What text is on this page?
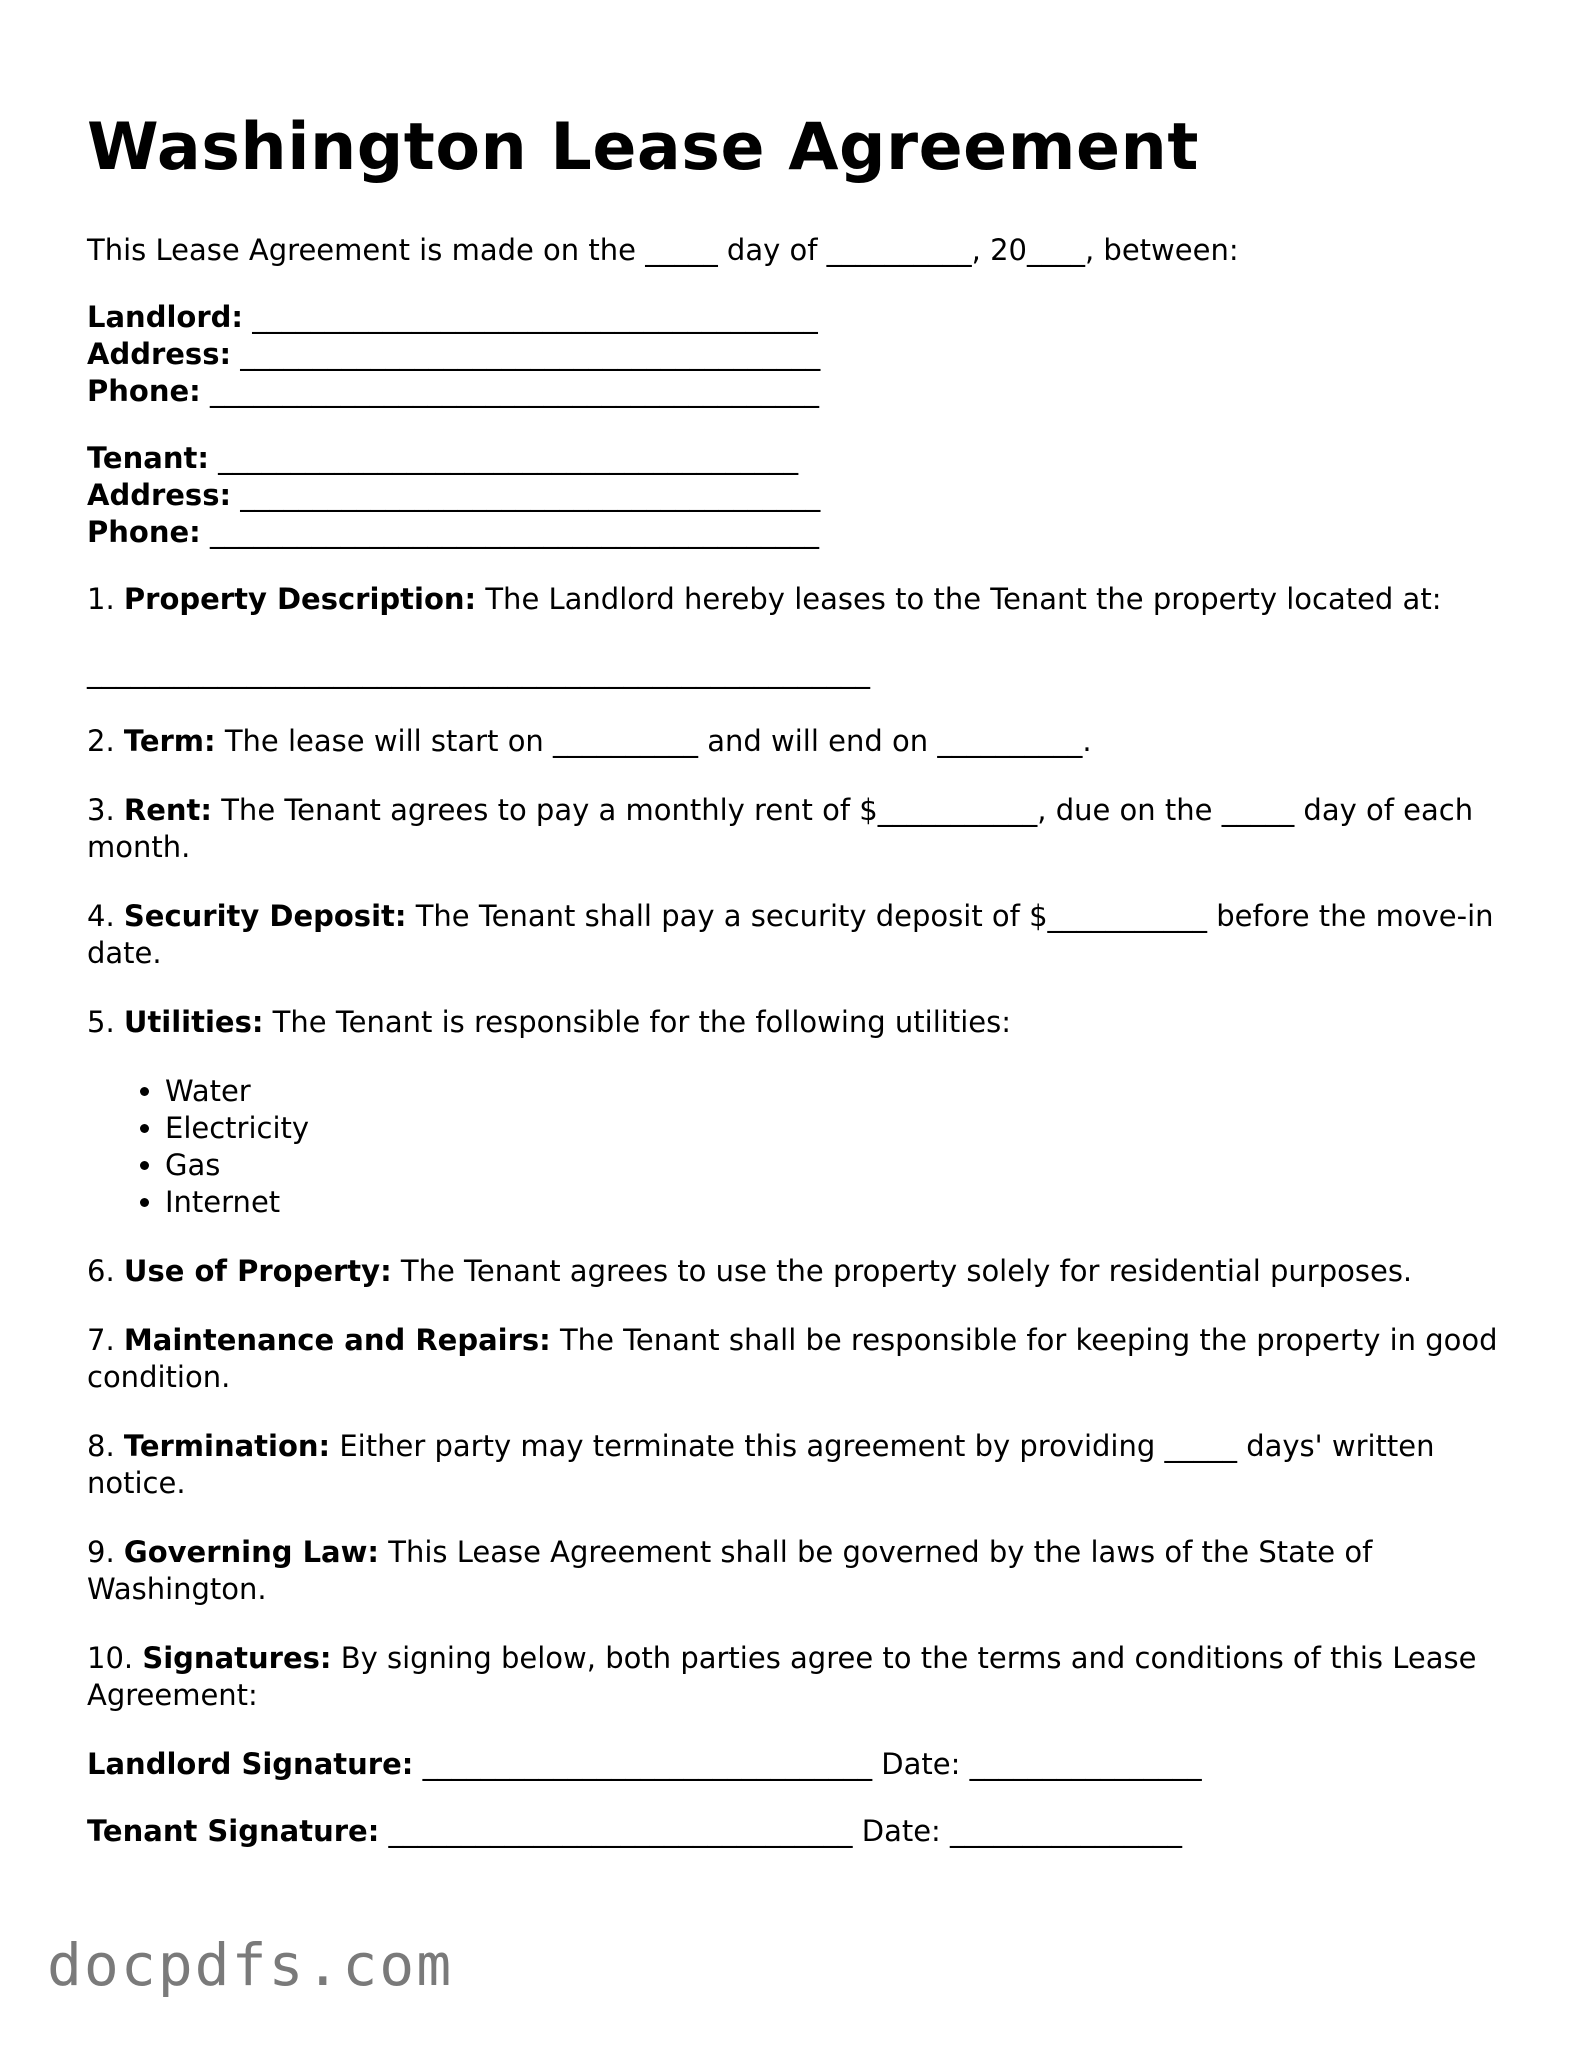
Washington Lease Agreement

This Lease Agreement is made on the _____ day of __________, 20____, between:

Landlord: _______________________________________

Address: ________________________________________

Phone: __________________________________________

Tenant: ________________________________________

Address: ________________________________________

Phone: __________________________________________

1. Property Description: The Landlord hereby leases to the Tenant the property located at:

______________________________________________________

2. Term: The lease will start on __________ and will end on __________.

3. Rent: The Tenant agrees to pay a monthly rent of $___________, due on the _____ day of each month.

4. Security Deposit: The Tenant shall pay a security deposit of $___________ before the move-in date.

5. Utilities: The Tenant is responsible for the following utilities:

• Water
• Electricity
• Gas
• Internet

6. Use of Property: The Tenant agrees to use the property solely for residential purposes.

7. Maintenance and Repairs: The Tenant shall be responsible for keeping the property in good condition.

8. Termination: Either party may terminate this agreement by providing _____ days' written notice.

9. Governing Law: This Lease Agreement shall be governed by the laws of the State of Washington.

10. Signatures: By signing below, both parties agree to the terms and conditions of this Lease Agreement:

Landlord Signature: _______________________________ Date: ________________

Tenant Signature: ________________________________ Date: ________________

docpdfs.com
